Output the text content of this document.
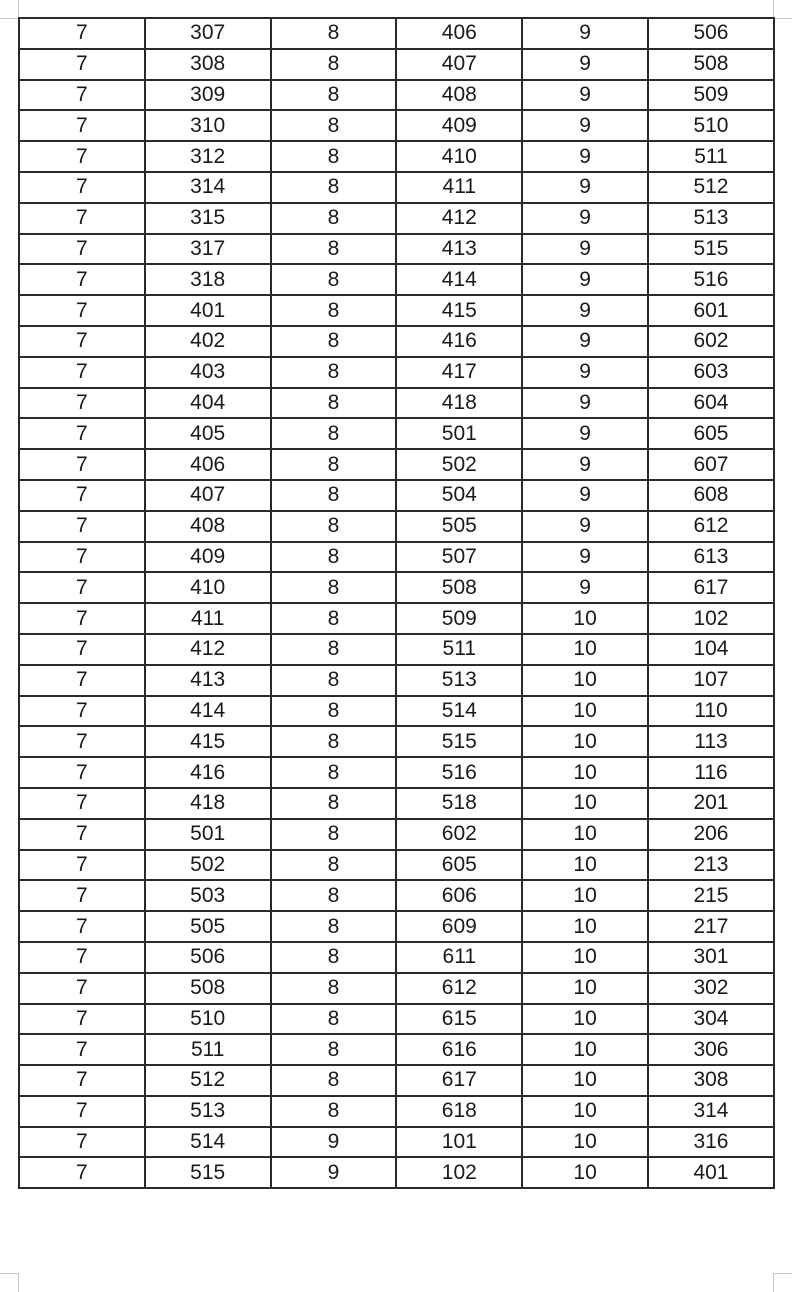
7	307	8	406	9	506
7	308	8	407	9	508
7	309	8	408	9	509
7	310	8	409	9	510
7	312	8	410	9	511
7	314	8	411	9	512
7	315	8	412	9	513
7	317	8	413	9	515
7	318	8	414	9	516
7	401	8	415	9	601
7	402	8	416	9	602
7	403	8	417	9	603
7	404	8	418	9	604
7	405	8	501	9	605
7	406	8	502	9	607
7	407	8	504	9	608
7	408	8	505	9	612
7	409	8	507	9	613
7	410	8	508	9	617
7	411	8	509	10	102
7	412	8	511	10	104
7	413	8	513	10	107
7	414	8	514	10	110
7	415	8	515	10	113
7	416	8	516	10	116
7	418	8	518	10	201
7	501	8	602	10	206
7	502	8	605	10	213
7	503	8	606	10	215
7	505	8	609	10	217
7	506	8	611	10	301
7	508	8	612	10	302
7	510	8	615	10	304
7	511	8	616	10	306
7	512	8	617	10	308
7	513	8	618	10	314
7	514	9	101	10	316
7	515	9	102	10	401
